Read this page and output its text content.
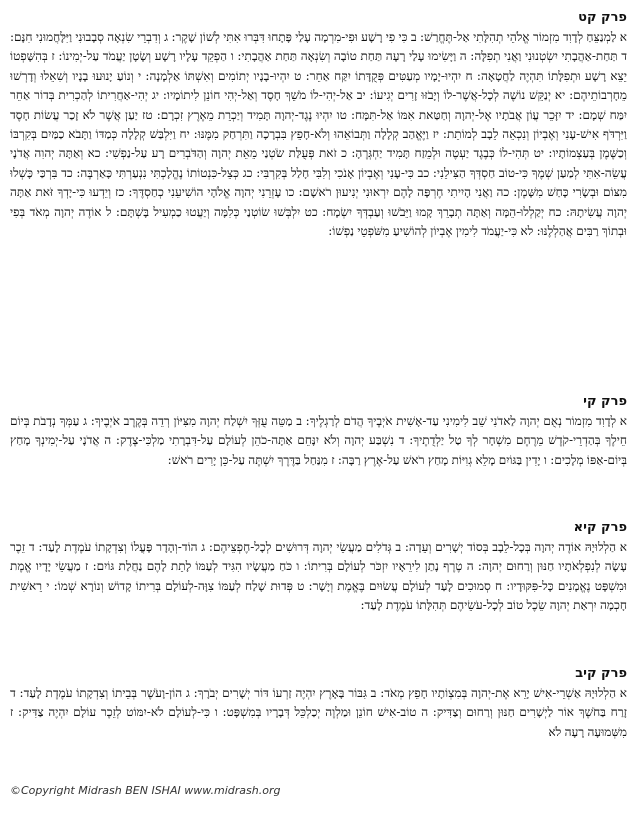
פרק קט

א לַמְנַצֵּחַ לְדָוִד מִזְמוֹר אֱלֹהֵי תְהִלָּתִי אַל-תֶּחֱרַשׁ: ב כִּי פִי רָשָׁע וּפִי-מִרְמָה עָלַי פָּתָחוּ דִּבְּרוּ אִתִּי לְשׁוֹן שָׁקֶר: ג וְדִבְרֵי שִׂנְאָה סְבָבוּנִי וַיִּלָּחֲמוּנִי חִנָּם: ד תַּחַת-אַהֲבָתִי יִשְׂטְנוּנִי וַאֲנִי תְפִלָּה: ה וַיָּשִׂימוּ עָלַי רָעָה תַּחַת טוֹבָה וְשִׂנְאָה תַּחַת אַהֲבָתִי: ו הַפְקֵד עָלָיו רָשָׁע וְשָׂטָן יַעֲמֹד עַל-יְמִינוֹ: ז בְּהִשָּׁפְטוֹ יֵצֵא רָשָׁע וּתְפִלָּתוֹ תִּהְיֶה לַחֲטָאָה: ח יִהְיוּ-יָמָיו מְעַטִּים פְּקֻדָּתוֹ יִקַּח אַחֵר: ט יִהְיוּ-בָנָיו יְתוֹמִים וְאִשְׁתּוֹ אַלְמָנָה: י וְנוֹעַ יָנוּעוּ בָנָיו וְשִׁאֵלוּ וְדָרְשׁוּ מֵחָרְבוֹתֵיהֶם: יא יְנַקֵּשׁ נוֹשֶׁה לְכָל-אֲשֶׁר-לוֹ וְיָבֹזּוּ זָרִים יְגִיעוֹ: יב אַל-יְהִי-לוֹ מֹשֵׁךְ חָסֶד וְאַל-יְהִי חוֹנֵן לִיתוֹמָיו: יג יְהִי-אַחֲרִיתוֹ לְהַכְרִית בְּדוֹר אַחֵר יִמַּח שְׁמָם: יד יִזָּכֵר עֲוֹן אֲבֹתָיו אֶל-יְהוָה וְחַטַּאת אִמּוֹ אַל-תִּמָּח: טו יִהְיוּ נֶגֶד-יְהוָה תָּמִיד וְיַכְרֵת מֵאֶרֶץ זִכְרָם: טז יַעַן אֲשֶׁר לֹא זָכַר עֲשׂוֹת חָסֶד וַיִּרְדֹּף אִישׁ-עָנִי וְאֶבְיוֹן וְנִכְאֵה לֵבָב לְמוֹתֵת: יז וַיֶּאֱהַב קְלָלָה וַתְּבוֹאֵהוּ וְלֹא-חָפֵץ בִּבְרָכָה וַתִּרְחַק מִמֶּנּוּ: יח וַיִּלְבַּשׁ קְלָלָה כְּמַדּוֹ וַתָּבֹא כַמַּיִם בְּקִרְבּוֹ וְכַשֶּׁמֶן בְּעַצְמוֹתָיו: יט תְּהִי-לוֹ כְּבֶגֶד יַעְטֶה וּלְמֵזַח תָּמִיד יַחְגְּרֶהָ: כ זֹאת פְּעֻלַּת שֹׂטְנַי מֵאֵת יְהוָה וְהַדֹּבְרִים רָע עַל-נַפְשִׁי: כא וְאַתָּה יְהוִה אֲדֹנָי עֲשֵׂה-אִתִּי לְמַעַן שְׁמֶךָ כִּי-טוֹב חַסְדְּךָ הַצִּילֵנִי: כב כִּי-עָנִי וְאֶבְיוֹן אָנֹכִי וְלִבִּי חָלַל בְּקִרְבִּי: כג כְּצֵל-כִּנְטוֹתוֹ נֶהֱלָכְתִּי נִנְעַרְתִּי כָּאַרְבֶּה: כד בִּרְכַּי כָּשְׁלוּ מִצּוֹם וּבְשָׂרִי כָּחַשׁ מִשָּׁמֶן: כה וַאֲנִי הָיִיתִי חֶרְפָּה לָהֶם יִרְאוּנִי יְנִיעוּן רֹאשָׁם: כו עָזְרֵנִי יְהוָה אֱלֹהָי הוֹשִׁיעֵנִי כְחַסְדֶּךָ: כז וְיֵדְעוּ כִּי-יָדְךָ זֹּאת אַתָּה יְהוָה עֲשִׂיתָהּ: כח יְקַלְלוּ-הֵמָּה וְאַתָּה תְבָרֵךְ קָמוּ וַיֵּבֹשׁוּ וְעַבְדְּךָ יִשְׂמָח: כט יִלְבְּשׁוּ שׂוֹטְנַי כְּלִמָּה וְיַעֲטוּ כַמְעִיל בָּשְׁתָּם: ל אוֹדֶה יְהוָה מְאֹד בְּפִי וּבְתוֹךְ רַבִּים אֲהַלְלֶנּוּ: לא כִּי-יַעֲמֹד לִימִין אֶבְיוֹן לְהוֹשִׁיעַ מִשֹּׁפְטֵי נַפְשׁוֹ:

פרק קי

א לְדָוִד מִזְמוֹר נְאֻם יְהוָה לַאדֹנִי שֵׁב לִימִינִי עַד-אָשִׁית אֹיְבֶיךָ הֲדֹם לְרַגְלֶיךָ: ב מַטֵּה עֻזְּךָ יִשְׁלַח יְהוָה מִצִּיּוֹן רְדֵה בְּקֶרֶב אֹיְבֶיךָ: ג עַמְּךָ נְדָבֹת בְּיוֹם חֵילֶךָ בְּהַדְרֵי-קֹדֶשׁ מֵרֶחֶם מִשְׁחָר לְךָ טַל יַלְדֻתֶיךָ: ד נִשְׁבַּע יְהוָה וְלֹא יִנָּחֵם אַתָּה-כֹהֵן לְעוֹלָם עַל-דִּבְרָתִי מַלְכִּי-צֶדֶק: ה אֲדֹנָי עַל-יְמִינְךָ מָחַץ בְּיוֹם-אַפּוֹ מְלָכִים: ו יָדִין בַּגּוֹיִם מָלֵא גְוִיּוֹת מָחַץ רֹאשׁ עַל-אֶרֶץ רַבָּה: ז מִנַּחַל בַּדֶּרֶךְ יִשְׁתֶּה עַל-כֵּן יָרִים רֹאשׁ:

פרק קיא

א הַלְלוּיָהּ אוֹדֶה יְהוָה בְּכָל-לֵבָב בְּסוֹד יְשָׁרִים וְעֵדָה: ב גְּדֹלִים מַעֲשֵׂי יְהוָה דְּרוּשִׁים לְכָל-חֶפְצֵיהֶם: ג הוֹד-וְהָדָר פָּעֳלוֹ וְצִדְקָתוֹ עֹמֶדֶת לָעַד: ד זֵכֶר עָשָׂה לְנִפְלְאֹתָיו חַנּוּן וְרַחוּם יְהוָה: ה טֶרֶף נָתַן לִירֵאָיו יִזְכֹּר לְעוֹלָם בְּרִיתוֹ: ו כֹּחַ מַעֲשָׂיו הִגִּיד לְעַמּוֹ לָתֵת לָהֶם נַחֲלַת גּוֹיִם: ז מַעֲשֵׂי יָדָיו אֱמֶת וּמִשְׁפָּט נֶאֱמָנִים כָּל-פִּקּוּדָיו: ח סְמוּכִים לָעַד לְעוֹלָם עֲשׂוּיִם בֶּאֱמֶת וְיָשָׁר: ט פְּדוּת שָׁלַח לְעַמּוֹ צִוָּה-לְעוֹלָם בְּרִיתוֹ קָדוֹשׁ וְנוֹרָא שְׁמוֹ: י רֵאשִׁית חָכְמָה יִרְאַת יְהוָה שֵׂכֶל טוֹב לְכָל-עֹשֵׂיהֶם תְּהִלָּתוֹ עֹמֶדֶת לָעַד:

פרק קיב

א הַלְלוּיָהּ אַשְׁרֵי-אִישׁ יָרֵא אֶת-יְהוָה בְּמִצְוֹתָיו חָפֵץ מְאֹד: ב גִּבּוֹר בָּאָרֶץ יִהְיֶה זַרְעוֹ דּוֹר יְשָׁרִים יְבֹרָךְ: ג הוֹן-וָעֹשֶׁר בְּבֵיתוֹ וְצִדְקָתוֹ עֹמֶדֶת לָעַד: ד זָרַח בַּחֹשֶׁךְ אוֹר לַיְשָׁרִים חַנּוּן וְרַחוּם וְצַדִּיק: ה טוֹב-אִישׁ חוֹנֵן וּמַלְוֶה יְכַלְכֵּל דְּבָרָיו בְּמִשְׁפָּט: ו כִּי-לְעוֹלָם לֹא-יִמּוֹט לְזֵכֶר עוֹלָם יִהְיֶה צַדִּיק: ז מִשְּׁמוּעָה רָעָה לֹא

©Copyright Midrash BEN ISHAI www.midrash.org
